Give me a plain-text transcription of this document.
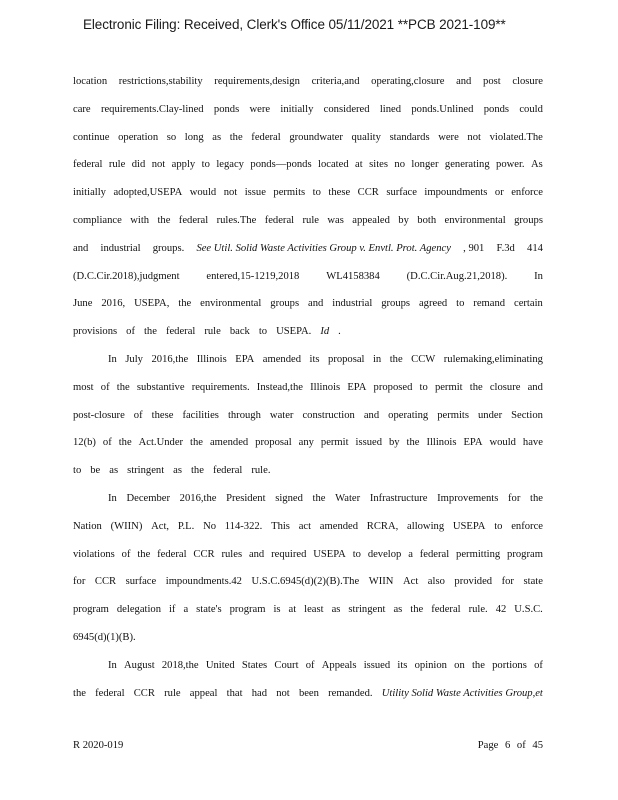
Electronic Filing: Received, Clerk's Office 05/11/2021 **PCB 2021-109**
location restrictions,stability requirements,design criteria,and operating,closure and post closure
care requirements.Clay-lined ponds were initially considered lined ponds.Unlined ponds could
continue operation so long as the federal groundwater quality standards were not violated.The
federal rule did not apply to legacy ponds—ponds located at sites no longer generating power. As
initially adopted,USEPA would not issue permits to these CCR surface impoundments or enforce
compliance with the federal rules.The federal rule was appealed by both environmental groups
and industrial groups. See Util. Solid Waste Activities Group v. Envtl. Prot. Agency , 901 F.3d 414
(D.C.Cir.2018),judgment	entered,15-1219,2018	WL4158384	(D.C.Cir.Aug.21,2018).	In
June 2016, USEPA, the environmental groups and industrial groups agreed to remand certain
provisions of the federal rule back to USEPA. Id .
In July 2016,the Illinois EPA amended its proposal in the CCW rulemaking,eliminating
most of the substantive requirements. Instead,the Illinois EPA proposed to permit the closure and
post-closure of these facilities through water construction and operating permits under Section
12(b) of the Act.Under the amended proposal any permit issued by the Illinois EPA would have
to be as stringent as the federal rule.
In December 2016,the President signed the Water Infrastructure Improvements for the
Nation (WIIN) Act, P.L. No 114-322. This act amended RCRA, allowing USEPA to enforce
violations of the federal CCR rules and required USEPA to develop a federal permitting program
for CCR surface impoundments.42 U.S.C.6945(d)(2)(B).The WIIN Act also provided for state
program delegation if a state's program is at least as stringent as the federal rule. 42 U.S.C.
6945(d)(1)(B).
In August 2018,the United States Court of Appeals issued its opinion on the portions of
the federal CCR rule appeal that had not been remanded. Utility Solid Waste Activities Group,et
R 2020-019	Page 6 of 45
